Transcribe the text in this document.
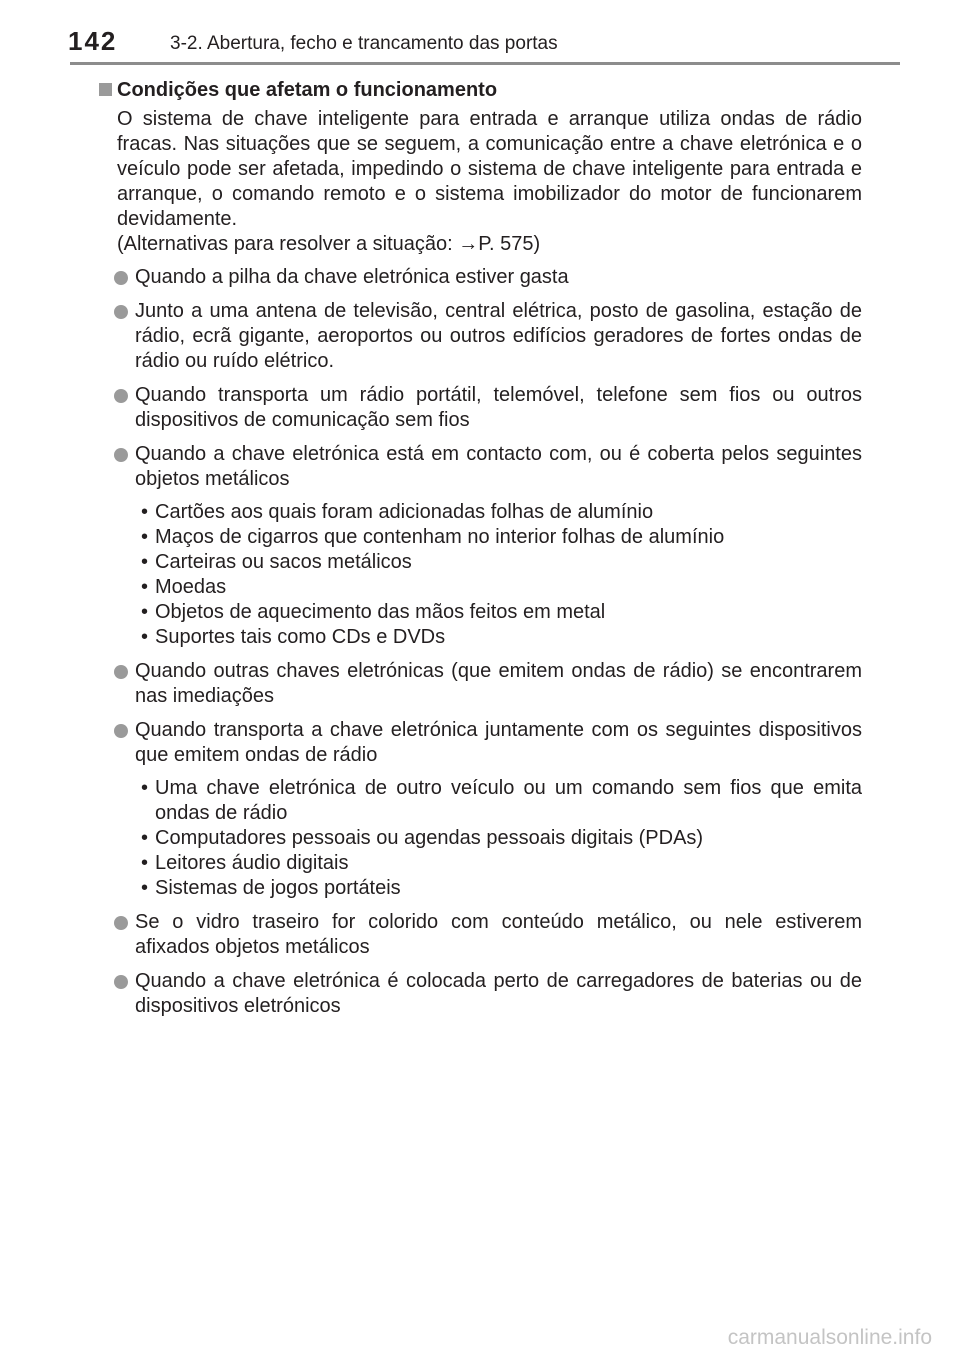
142	3-2. Abertura, fecho e trancamento das portas
Condições que afetam o funcionamento

O sistema de chave inteligente para entrada e arranque utiliza ondas de rádio fracas. Nas situações que se seguem, a comunicação entre a chave eletrónica e o veículo pode ser afetada, impedindo o sistema de chave inteligente para entrada e arranque, o comando remoto e o sistema imobilizador do motor de funcionarem devidamente.

(Alternativas para resolver a situação: →P. 575)

Quando a pilha da chave eletrónica estiver gasta
Junto a uma antena de televisão, central elétrica, posto de gasolina, estação de rádio, ecrã gigante, aeroportos ou outros edifícios geradores de fortes ondas de rádio ou ruído elétrico.
Quando transporta um rádio portátil, telemóvel, telefone sem fios ou outros dispositivos de comunicação sem fios
Quando a chave eletrónica está em contacto com, ou é coberta pelos seguintes objetos metálicos
• Cartões aos quais foram adicionadas folhas de alumínio
• Maços de cigarros que contenham no interior folhas de alumínio
• Carteiras ou sacos metálicos
• Moedas
• Objetos de aquecimento das mãos feitos em metal
• Suportes tais como CDs e DVDs
Quando outras chaves eletrónicas (que emitem ondas de rádio) se encontrarem nas imediações
Quando transporta a chave eletrónica juntamente com os seguintes dispositivos que emitem ondas de rádio
• Uma chave eletrónica de outro veículo ou um comando sem fios que emita ondas de rádio
• Computadores pessoais ou agendas pessoais digitais (PDAs)
• Leitores áudio digitais
• Sistemas de jogos portáteis
Se o vidro traseiro for colorido com conteúdo metálico, ou nele estiverem afixados objetos metálicos
Quando a chave eletrónica é colocada perto de carregadores de baterias ou de dispositivos eletrónicos
carmanualsonline.info
